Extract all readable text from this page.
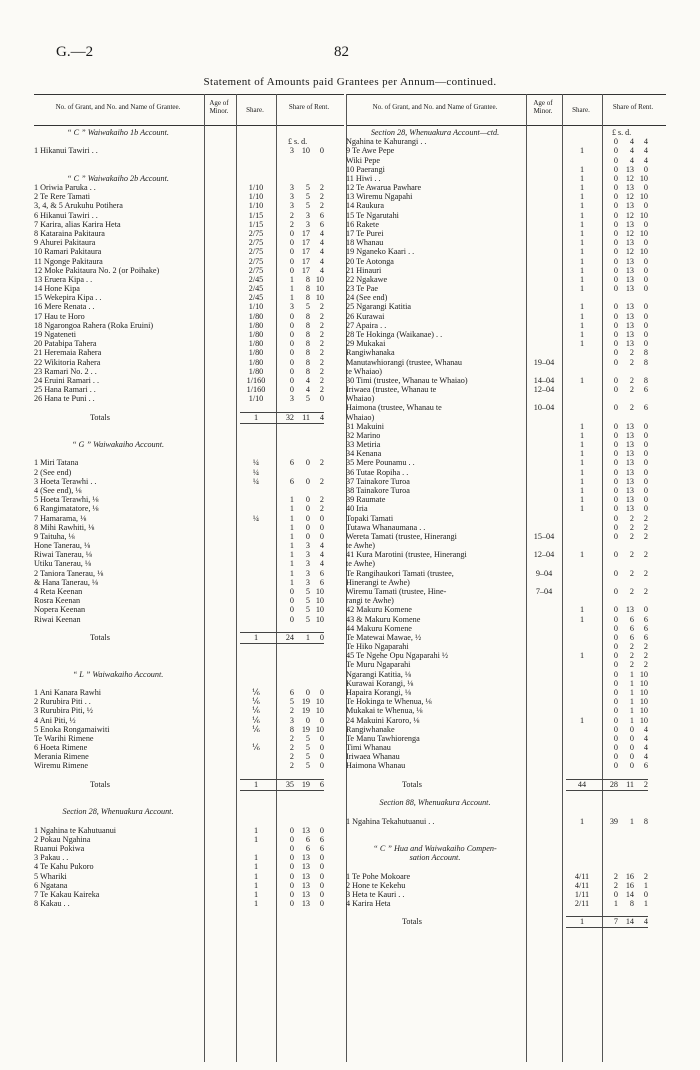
G.—2	82
Statement of Amounts paid Grantees per Annum—continued.
No. of Grant, and No. and Name of Grantee.	Age of Minor.	Share.	Share of Rent.
“ C ” Waiwakaiho 1b Account.
1 Hikanui Tawiri . .	3 10 0
£ s. d.
“ C ” Waiwakaiho 2b Account.
1 Oriwia Paruka . .	1/10	3 5 2
2 Te Rere Tamati	1/10	3 5 2
3, 4, & 5 Arukuhu Potihera	1/10	3 5 2
6 Hikanui Tawiri . .	1/15	2 3 6
7 Karira, alias Karira Heta	1/15	2 3 6
8 Kataraina Pakitaura	2/75	0 17 4
9 Ahurei Pakitaura	2/75	0 17 4
10 Ramari Pakitaura	2/75	0 17 4
11 Ngonge Pakitaura	2/75	0 17 4
12 Moke Pakitaura No. 2 (or Poihake)	2/75	0 17 4
13 Eruera Kipa . .	2/45	1 8 10
14 Hone Kipa	2/45	1 8 10
15 Wekepira Kipa . .	2/45	1 8 10
16 Mere Renata . .	1/10	3 5 2
17 Hau te Horo	1/80	0 8 2
18 Ngarongoa Rahera (Roka Eruini)	1/80	0 8 2
19 Ngateneti	1/80	0 8 2
20 Patabipa Tahera	1/80	0 8 2
21 Heremaia Rahera	1/80	0 8 2
22 Wikitoria Rahera	1/80	0 8 2
23 Ramari No. 2 . .	1/80	0 8 2
24 Eruini Ramari . .	1/160	0 4 2
25 Hana Ramari . .	1/160	0 4 2
26 Hana te Puni . .	1/10	3 5 0
Totals	1	32 11 4
“ G ” Waiwakaiho Account.
1 Miri Tatana	¼	6 0 2
2 (See end)	¼
3 Hoeta Terawhi . .	¼	6 0 2
4 (See end), ⅛
5 Hoeta Terawhi, ⅛	1 0 2
6 Rangimatatore, ⅛	1 0 2
7 Hamarama, ⅛	¼	1 0 0
8 Mihi Rawhiti, ⅛	1 0 0
9 Taituha, ⅛	1 0 0
Hone Tanerau, ⅛	1 3 4
Riwai Tanerau, ⅛	1 3 4
Utiku Tanerau, ⅛	1 3 4
2 Taniora Tanerau, ⅛	1 3 6
& Hana Tanerau, ⅛	1 3 6
4 Reta Keenan	0 5 10
Rosra Keenan	0 5 10
Nopera Keenan	0 5 10
Riwai Keenan	0 5 10
Totals	1	24 1 0
“ L ” Waiwakaiho Account.
1 Ani Kanara Rawhi	⅙	6 0 0
2 Rurubira Piti . .	⅙	5 19 10
3 Rurubira Piti, ½	⅙	2 19 10
4 Ani Piti, ½	⅙	3 0 0
5 Enoka Rongamaiwiti	⅙	8 19 10
Te Warihi Rimene	2 5 0
6 Hoeta Rimene	⅙	2 5 0
Merania Rimene	2 5 0
Wiremu Rimene	2 5 0
Totals	1	35 19 6
Section 28, Whenuakura Account.
1 Ngahina te Kahutuanui	1	0 13 0
2 Pokau Ngahina	1	0 6 6
Ruanui Pokiwa	0 6 6
3 Pakau . .	1	0 13 0
4 Te Kahu Pukoro	1	0 13 0
5 Whariki	1	0 13 0
6 Ngatana	1	0 13 0
7 Te Kakau Kaireka	1	0 13 0
8 Kakau . .	1	0 13 0
No. of Grant, and No. and Name of Grantee.	Age of Minor.	Share.	Share of Rent.
Section 28, Whenuakura Account—ctd.
Ngahina te Kahurangi . .	0 4 4
£ s. d.
9 Te Awe Pepe	1	0 4 4
Wiki Pepe	0 4 4
10 Paerangi	1	0 13 0
11 Hiwi . .	1	0 12 10
12 Te Awarua Pawhare	1	0 13 0
13 Wiremu Ngapahi	1	0 12 10
14 Raukura	1	0 13 0
15 Te Ngarutahi	1	0 12 10
16 Rakete	1	0 13 0
17 Te Purei	1	0 12 10
18 Whanau	1	0 13 0
19 Nganeko Kaari . .	1	0 12 10
20 Te Aotonga	1	0 13 0
21 Hinauri	1	0 13 0
22 Ngakawe	1	0 13 0
23 Te Pae	1	0 13 0
24 (See end)
25 Ngarangi Katitia	1	0 13 0
26 Kurawai	1	0 13 0
27 Apaira . .	1	0 13 0
28 Te Hokinga (Waikanae) . .	1	0 13 0
29 Mukakai	1	0 13 0
Rangiwhanaka	0 2 8
Manutawhiorangi (trustee, Whanau	19–04	0 2 8
te Whaiao)
30 Timi (trustee, Whanau te Whaiao)	14–04	1	0 2 8
Iriwaea (trustee, Whanau te	12–04	0 2 6
Whaiao)
Haimona (trustee, Whanau te	10–04	0 2 6
Whaiao)
31 Makuini	1	0 13 0
32 Marino	1	0 13 0
33 Metiria	1	0 13 0
34 Kenana	1	0 13 0
35 Mere Pounamu . .	1	0 13 0
36 Tutae Ropiha . .	1	0 13 0
37 Tainakore Turoa	1	0 13 0
38 Tainakore Turoa	1	0 13 0
39 Raumate	1	0 13 0
40 Iria	1	0 13 0
Topaki Tamati	0 2 2
Tutawa Whanaumana . .	0 2 2
Wereta Tamati (trustee, Hinerangi	15–04	0 2 2
te Awhe)
41 Kura Marotini (trustee, Hinerangi	12–04	1	0 2 2
te Awhe)
Te Rangihaukori Tamati (trustee,	9–04	0 2 2
Hinerangi te Awhe)
Wiremu Tamati (trustee, Hine-	7–04	0 2 2
rangi te Awhe)
42 Makuru Komene	1	0 13 0
43 & Makuru Komene	1	0 6 6
44 Makuru Komene	0 6 6
Te Matewai Mawae, ½	0 6 6
Te Hiko Ngaparahi	0 2 2
45 Te Ngehe Opu Ngaparahi ½	1	0 2 2
Te Muru Ngaparahi	0 2 2
Ngarangi Katitia, ⅛	0 1 10
Kurawai Korangi, ⅛	0 1 10
Hapaira Korangi, ⅛	0 1 10
Te Hokinga te Whenua, ⅛	0 1 10
Mukakai te Whenua, ⅛	0 1 10
24 Makuini Karoro, ⅛	1	0 1 10
Rangiwhanake	0 0 4
Te Manu Tawhiorenga	0 0 4
Timi Whanau	0 0 4
Iriwaea Whanau	0 0 4
Haimona Whanau	0 0 6
Totals	44	28 11 2
Section 88, Whenuakura Account.
1 Ngahina Tekahutuanui . .	1	39 1 8
“ C ” Hua and Waiwakaiho Compen-
sation Account.
1 Te Pohe Mokoare	4/11	2 16 2
2 Hone te Kekehu	4/11	2 16 1
3 Heta te Kauri . .	1/11	0 14 0
4 Karira Heta	2/11	1 8 1
Totals	1	7 14 4
